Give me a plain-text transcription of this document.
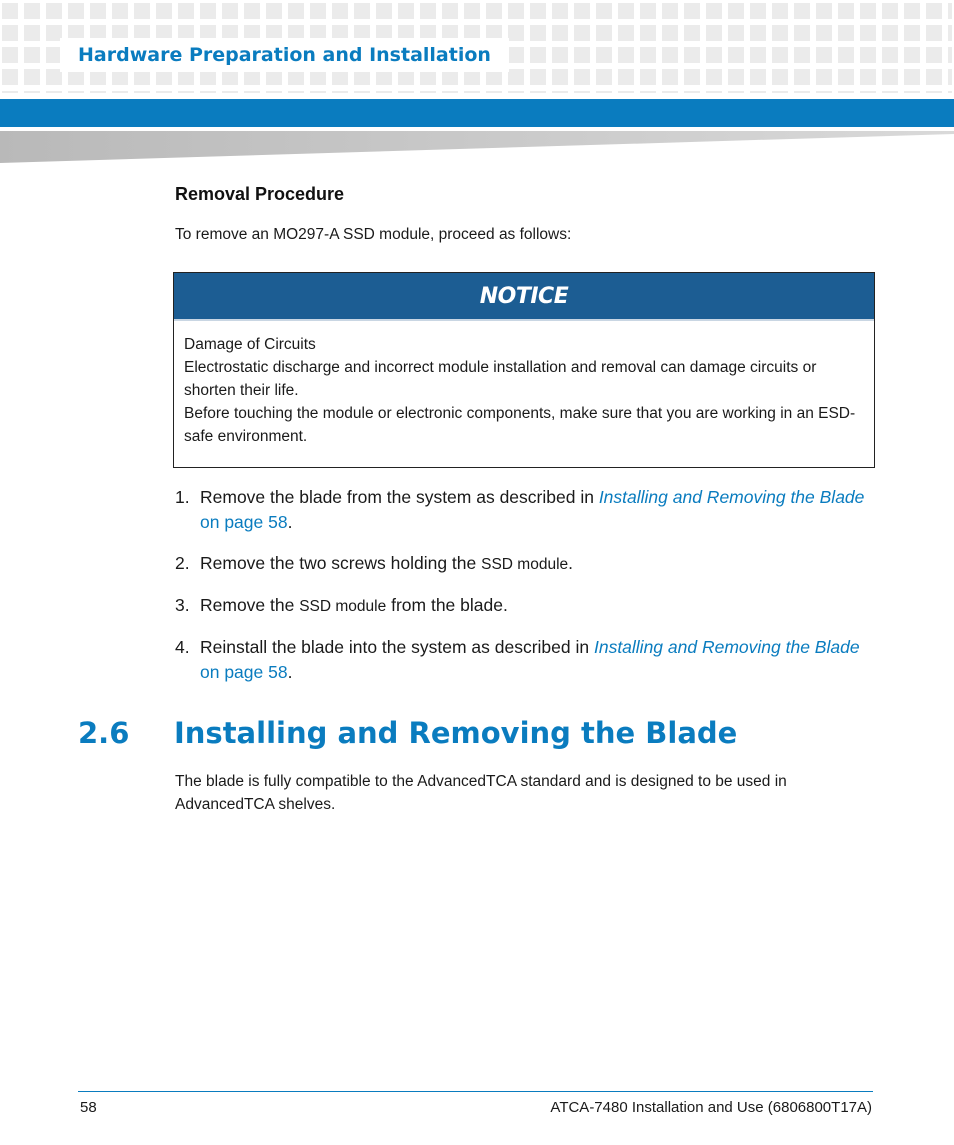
Hardware Preparation and Installation
Removal Procedure
To remove an MO297-A SSD module, proceed as follows:
NOTICE

Damage of Circuits

Electrostatic discharge and incorrect module installation and removal can damage circuits or shorten their life.

Before touching the module or electronic components, make sure that you are working in an ESD-safe environment.

1. Remove the blade from the system as described in Installing and Removing the Blade on page 58.
2. Remove the two screws holding the SSD module.
3. Remove the SSD module from the blade.
4. Reinstall the blade into the system as described in Installing and Removing the Blade on page 58.
2.6 Installing and Removing the Blade

The blade is fully compatible to the AdvancedTCA standard and is designed to be used in AdvancedTCA shelves.

58	ATCA-7480 Installation and Use (6806800T17A)
